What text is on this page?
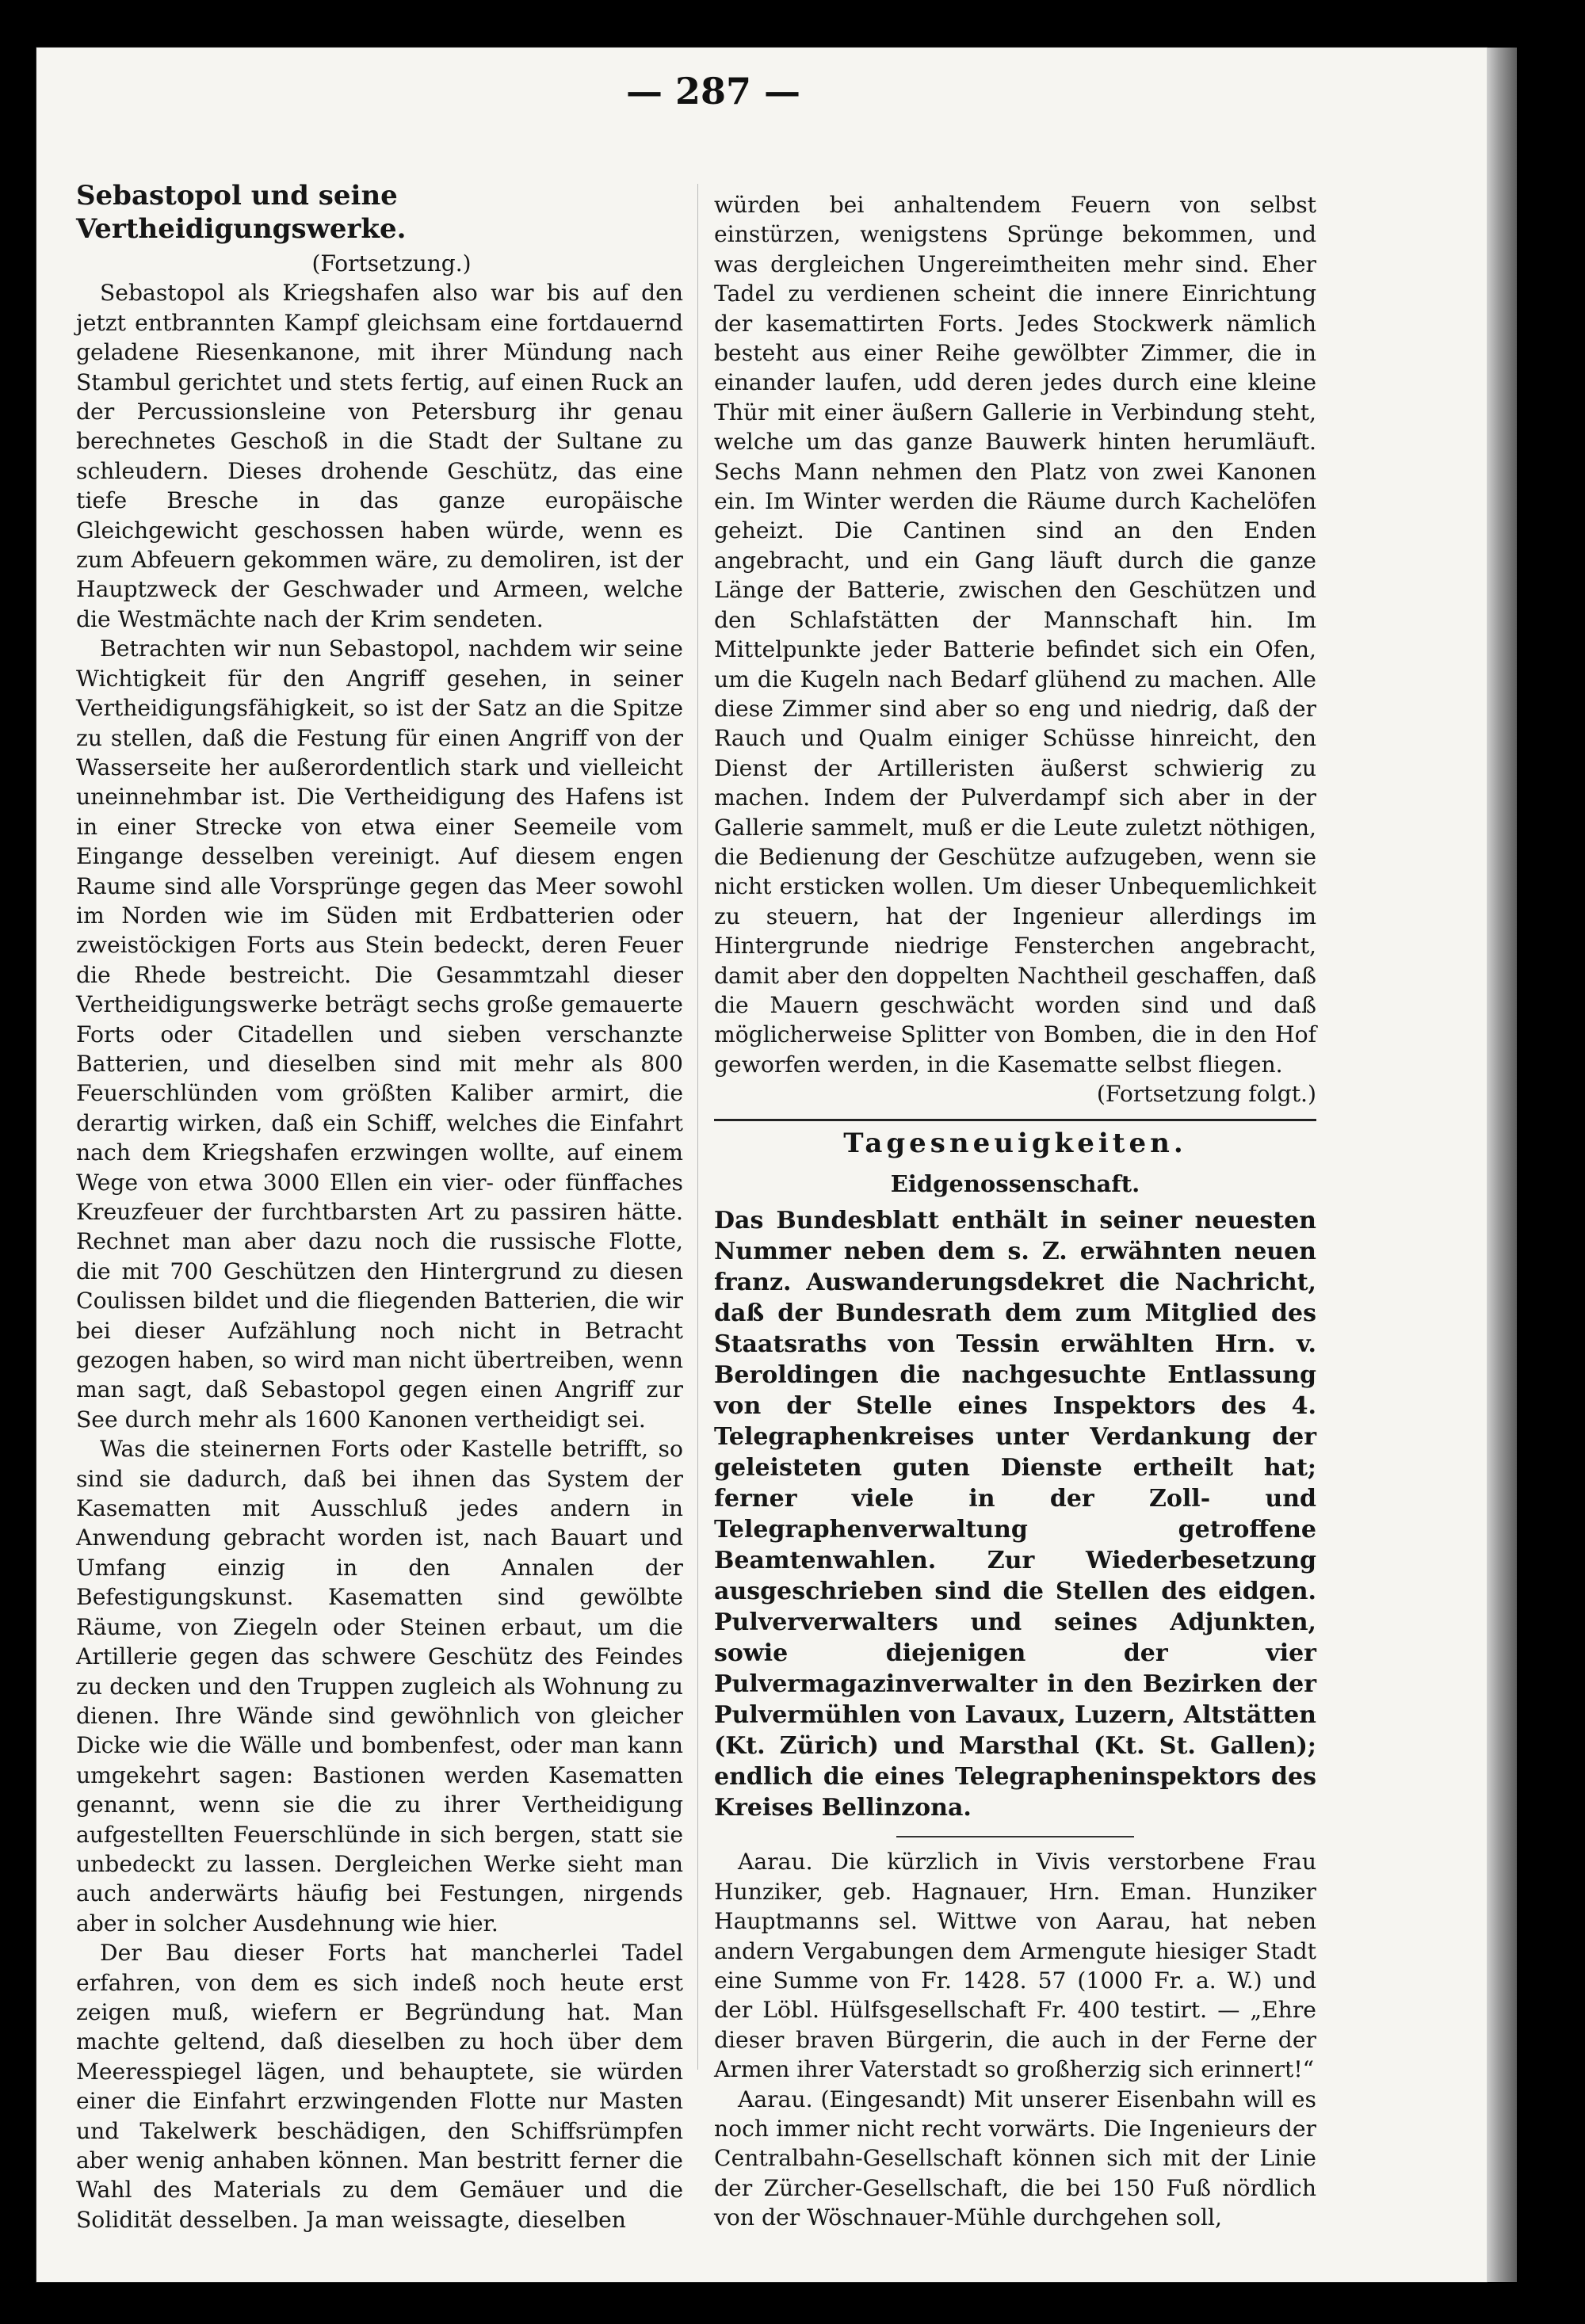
— 287 —
Sebastopol und seine Vertheidigungswerke.

(Fortsetzung.)

Sebastopol als Kriegshafen also war bis auf den jetzt entbrannten Kampf gleichsam eine fortdauernd geladene Riesenkanone, mit ihrer Mündung nach Stambul gerichtet und stets fertig, auf einen Ruck an der Percussionsleine von Petersburg ihr genau berechnetes Geschoß in die Stadt der Sultane zu schleudern. Dieses drohende Geschütz, das eine tiefe Bresche in das ganze europäische Gleichgewicht geschossen haben würde, wenn es zum Abfeuern gekommen wäre, zu demoliren, ist der Hauptzweck der Geschwader und Armeen, welche die Westmächte nach der Krim sendeten.

Betrachten wir nun Sebastopol, nachdem wir seine Wichtigkeit für den Angriff gesehen, in seiner Vertheidigungsfähigkeit, so ist der Satz an die Spitze zu stellen, daß die Festung für einen Angriff von der Wasserseite her außerordentlich stark und vielleicht uneinnehmbar ist. Die Vertheidigung des Hafens ist in einer Strecke von etwa einer Seemeile vom Eingange desselben vereinigt. Auf diesem engen Raume sind alle Vorsprünge gegen das Meer sowohl im Norden wie im Süden mit Erdbatterien oder zweistöckigen Forts aus Stein bedeckt, deren Feuer die Rhede bestreicht. Die Gesammtzahl dieser Vertheidigungswerke beträgt sechs große gemauerte Forts oder Citadellen und sieben verschanzte Batterien, und dieselben sind mit mehr als 800 Feuerschlünden vom größten Kaliber armirt, die derartig wirken, daß ein Schiff, welches die Einfahrt nach dem Kriegshafen erzwingen wollte, auf einem Wege von etwa 3000 Ellen ein vier- oder fünffaches Kreuzfeuer der furchtbarsten Art zu passiren hätte. Rechnet man aber dazu noch die russische Flotte, die mit 700 Geschützen den Hintergrund zu diesen Coulissen bildet und die fliegenden Batterien, die wir bei dieser Aufzählung noch nicht in Betracht gezogen haben, so wird man nicht übertreiben, wenn man sagt, daß Sebastopol gegen einen Angriff zur See durch mehr als 1600 Kanonen vertheidigt sei.

Was die steinernen Forts oder Kastelle betrifft, so sind sie dadurch, daß bei ihnen das System der Kasematten mit Ausschluß jedes andern in Anwendung gebracht worden ist, nach Bauart und Umfang einzig in den Annalen der Befestigungskunst. Kasematten sind gewölbte Räume, von Ziegeln oder Steinen erbaut, um die Artillerie gegen das schwere Geschütz des Feindes zu decken und den Truppen zugleich als Wohnung zu dienen. Ihre Wände sind gewöhnlich von gleicher Dicke wie die Wälle und bombenfest, oder man kann umgekehrt sagen: Bastionen werden Kasematten genannt, wenn sie die zu ihrer Vertheidigung aufgestellten Feuerschlünde in sich bergen, statt sie unbedeckt zu lassen. Dergleichen Werke sieht man auch anderwärts häufig bei Festungen, nirgends aber in solcher Ausdehnung wie hier.

Der Bau dieser Forts hat mancherlei Tadel erfahren, von dem es sich indeß noch heute erst zeigen muß, wiefern er Begründung hat. Man machte geltend, daß dieselben zu hoch über dem Meeresspiegel lägen, und behauptete, sie würden einer die Einfahrt erzwingenden Flotte nur Masten und Takelwerk beschädigen, den Schiffsrümpfen aber wenig anhaben können. Man bestritt ferner die Wahl des Materials zu dem Gemäuer und die Solidität desselben. Ja man weissagte, dieselben

würden bei anhaltendem Feuern von selbst einstürzen, wenigstens Sprünge bekommen, und was dergleichen Ungereimtheiten mehr sind. Eher Tadel zu verdienen scheint die innere Einrichtung der kasemattirten Forts. Jedes Stockwerk nämlich besteht aus einer Reihe gewölbter Zimmer, die in einander laufen, udd deren jedes durch eine kleine Thür mit einer äußern Gallerie in Verbindung steht, welche um das ganze Bauwerk hinten herumläuft. Sechs Mann nehmen den Platz von zwei Kanonen ein. Im Winter werden die Räume durch Kachelöfen geheizt. Die Cantinen sind an den Enden angebracht, und ein Gang läuft durch die ganze Länge der Batterie, zwischen den Geschützen und den Schlafstätten der Mannschaft hin. Im Mittelpunkte jeder Batterie befindet sich ein Ofen, um die Kugeln nach Bedarf glühend zu machen. Alle diese Zimmer sind aber so eng und niedrig, daß der Rauch und Qualm einiger Schüsse hinreicht, den Dienst der Artilleristen äußerst schwierig zu machen. Indem der Pulverdampf sich aber in der Gallerie sammelt, muß er die Leute zuletzt nöthigen, die Bedienung der Geschütze aufzugeben, wenn sie nicht ersticken wollen. Um dieser Unbequemlichkeit zu steuern, hat der Ingenieur allerdings im Hintergrunde niedrige Fensterchen angebracht, damit aber den doppelten Nachtheil geschaffen, daß die Mauern geschwächt worden sind und daß möglicherweise Splitter von Bomben, die in den Hof geworfen werden, in die Kasematte selbst fliegen.

(Fortsetzung folgt.)

Tagesneuigkeiten.
Eidgenossenschaft.

Das Bundesblatt enthält in seiner neuesten Nummer neben dem s. Z. erwähnten neuen franz. Auswanderungsdekret die Nachricht, daß der Bundesrath dem zum Mitglied des Staatsraths von Tessin erwählten Hrn. v. Beroldingen die nachgesuchte Entlassung von der Stelle eines Inspektors des 4. Telegraphenkreises unter Verdankung der geleisteten guten Dienste ertheilt hat; ferner viele in der Zoll- und Telegraphenverwaltung getroffene Beamtenwahlen. Zur Wiederbesetzung ausgeschrieben sind die Stellen des eidgen. Pulververwalters und seines Adjunkten, sowie diejenigen der vier Pulvermagazinverwalter in den Bezirken der Pulvermühlen von Lavaux, Luzern, Altstätten (Kt. Zürich) und Marsthal (Kt. St. Gallen); endlich die eines Telegrapheninspektors des Kreises Bellinzona.

Aarau. Die kürzlich in Vivis verstorbene Frau Hunziker, geb. Hagnauer, Hrn. Eman. Hunziker Hauptmanns sel. Wittwe von Aarau, hat neben andern Vergabungen dem Armengute hiesiger Stadt eine Summe von Fr. 1428. 57 (1000 Fr. a. W.) und der Löbl. Hülfsgesellschaft Fr. 400 testirt. — „Ehre dieser braven Bürgerin, die auch in der Ferne der Armen ihrer Vaterstadt so großherzig sich erinnert!“

Aarau. (Eingesandt) Mit unserer Eisenbahn will es noch immer nicht recht vorwärts. Die Ingenieurs der Centralbahn-Gesellschaft können sich mit der Linie der Zürcher-Gesellschaft, die bei 150 Fuß nördlich von der Wöschnauer-Mühle durchgehen soll,
